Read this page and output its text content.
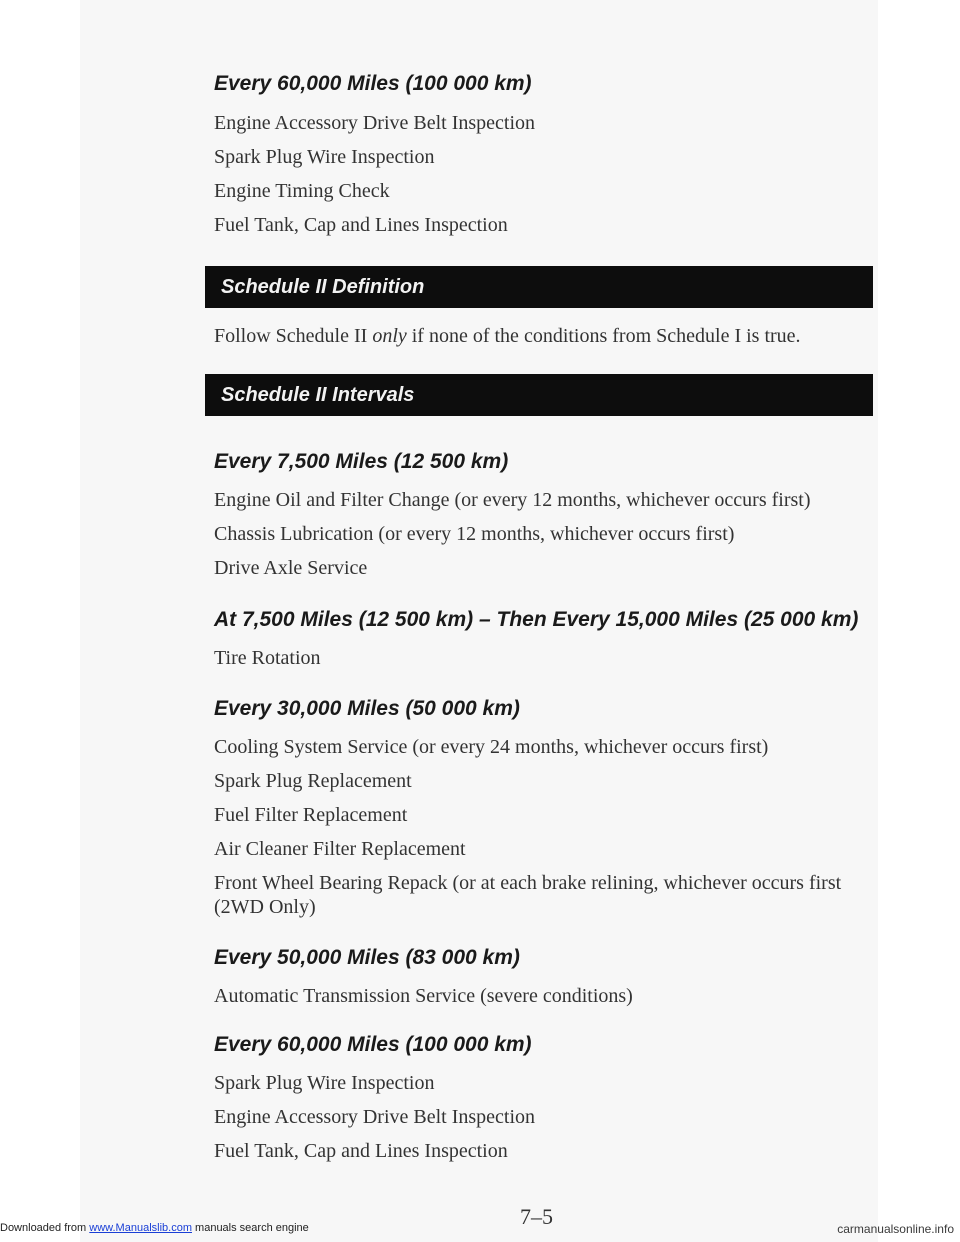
Every 60,000 Miles (100 000 km)
Engine Accessory Drive Belt Inspection
Spark Plug Wire Inspection
Engine Timing Check
Fuel Tank, Cap and Lines Inspection
Schedule II Definition
Follow Schedule II only if none of the conditions from Schedule I is true.
Schedule II Intervals
Every 7,500 Miles (12 500 km)
Engine Oil and Filter Change (or every 12 months, whichever occurs first)
Chassis Lubrication (or every 12 months, whichever occurs first)
Drive Axle Service
At 7,500 Miles (12 500 km) – Then Every 15,000 Miles (25 000 km)
Tire Rotation
Every 30,000 Miles (50 000 km)
Cooling System Service (or every 24 months, whichever occurs first)
Spark Plug Replacement
Fuel Filter Replacement
Air Cleaner Filter Replacement
Front Wheel Bearing Repack (or at each brake relining, whichever occurs first (2WD Only)
Every 50,000 Miles (83 000 km)
Automatic Transmission Service (severe conditions)
Every 60,000 Miles (100 000 km)
Spark Plug Wire Inspection
Engine Accessory Drive Belt Inspection
Fuel Tank, Cap and Lines Inspection
7–5
Downloaded from www.Manualslib.com manuals search engine	carmanualsonline.info
